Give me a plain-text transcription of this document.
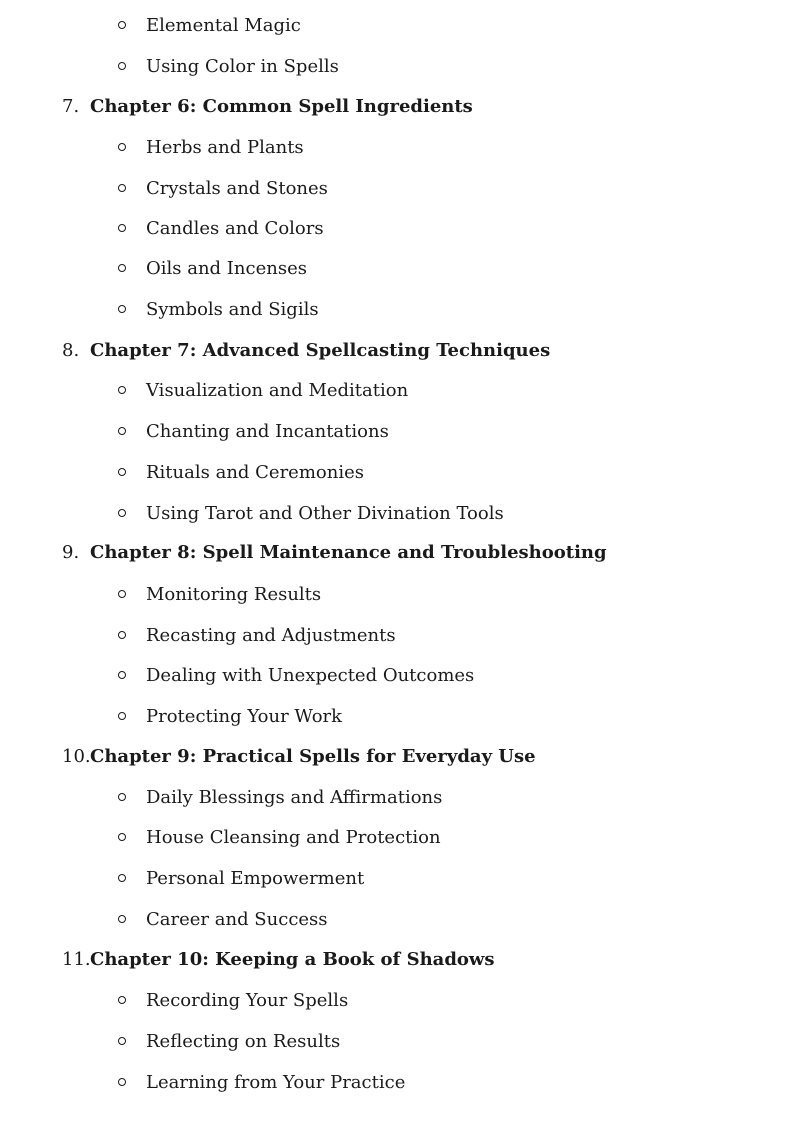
Elemental Magic
Using Color in Spells
7. Chapter 6: Common Spell Ingredients
Herbs and Plants
Crystals and Stones
Candles and Colors
Oils and Incenses
Symbols and Sigils
8. Chapter 7: Advanced Spellcasting Techniques
Visualization and Meditation
Chanting and Incantations
Rituals and Ceremonies
Using Tarot and Other Divination Tools
9. Chapter 8: Spell Maintenance and Troubleshooting
Monitoring Results
Recasting and Adjustments
Dealing with Unexpected Outcomes
Protecting Your Work
10.Chapter 9: Practical Spells for Everyday Use
Daily Blessings and Affirmations
House Cleansing and Protection
Personal Empowerment
Career and Success
11.Chapter 10: Keeping a Book of Shadows
Recording Your Spells
Reflecting on Results
Learning from Your Practice
